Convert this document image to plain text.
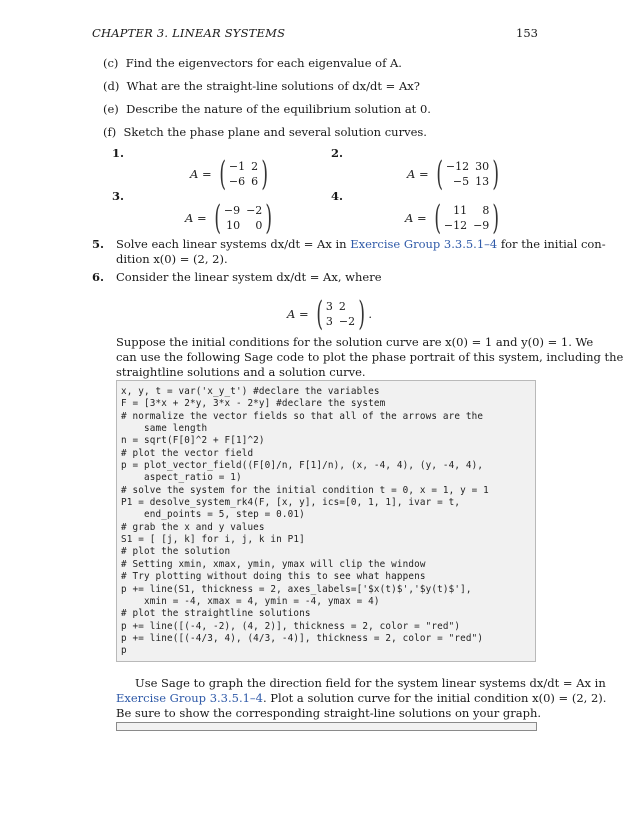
CHAPTER 3. LINEAR SYSTEMS	153
(c) Find the eigenvectors for each eigenvalue of A.
(d) What are the straight-line solutions of dx/dt = Ax?
(e) Describe the nature of the equilibrium solution at 0.
(f) Sketch the phase plane and several solution curves.
1.
A = ( −1 2
−6 6 )
2.
A = ( −12 30
−5 13 )
3.
A = ( −9 −2
10	0 )
4.
A = (	11	8
−12 −9 )
5. Solve each linear systems dx/dt = Ax in Exercise Group 3.3.5.1–4 for the initial con-
dition x(0) = (2, 2).
6. Consider the linear system dx/dt = Ax, where
A = ( 3 2
3 −2 ) .
Suppose the initial conditions for the solution curve are x(0) = 1 and y(0) = 1. We
can use the following Sage code to plot the phase portrait of this system, including the
straightline solutions and a solution curve.
x, y, t = var('x_y_t') #declare the variables
F = [3*x + 2*y, 3*x - 2*y] #declare the system
# normalize the vector fields so that all of the arrows are the
same length
n = sqrt(F[0]^2 + F[1]^2)
# plot the vector field
p = plot_vector_field((F[0]/n, F[1]/n), (x, -4, 4), (y, -4, 4),
aspect_ratio = 1)
# solve the system for the initial condition t = 0, x = 1, y = 1
P1 = desolve_system_rk4(F, [x, y], ics=[0, 1, 1], ivar = t,
end_points = 5, step = 0.01)
# grab the x and y values
S1 = [ [j, k] for i, j, k in P1]
# plot the solution
# Setting xmin, xmax, ymin, ymax will clip the window
# Try plotting without doing this to see what happens
p += line(S1, thickness = 2, axes_labels=['$x(t)$','$y(t)$'],
xmin = -4, xmax = 4, ymin = -4, ymax = 4)
# plot the straightline solutions
p += line([(-4, -2), (4, 2)], thickness = 2, color = "red")
p += line([(-4/3, 4), (4/3, -4)], thickness = 2, color = "red")
p
Use Sage to graph the direction field for the system linear systems dx/dt = Ax in
Exercise Group 3.3.5.1–4. Plot a solution curve for the initial condition x(0) = (2, 2).
Be sure to show the corresponding straight-line solutions on your graph.
